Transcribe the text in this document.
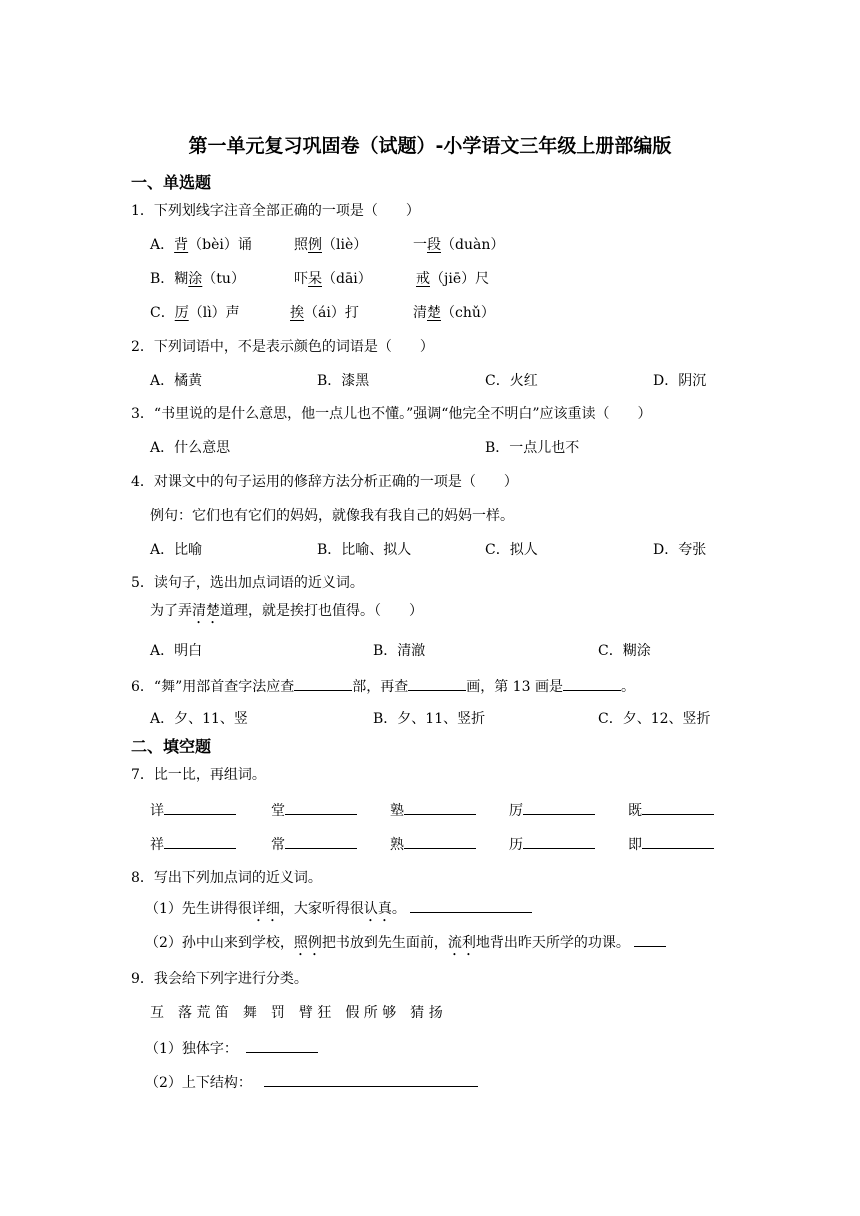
第一单元复习巩固卷（试题）-小学语文三年级上册部编版
一、单选题
1．下列划线字注音全部正确的一项是（　　）
A．背（bèi）诵	照例（liè）	一段（duàn）
B．糊涂（tu）	吓呆（dāi）	戒（jiē）尺
C．厉（lì）声	挨（ái）打	清楚（chǔ）
2．下列词语中，不是表示颜色的词语是（　　）
A．橘黄	B．漆黑	C．火红	D．阴沉
3．“书里说的是什么意思，他一点儿也不懂。”强调“他完全不明白”应该重读（　　）
A．什么意思	B．一点儿也不
4．对课文中的句子运用的修辞方法分析正确的一项是（　　）
例句：它们也有它们的妈妈，就像我有我自己的妈妈一样。
A．比喻	B．比喻、拟人	C．拟人	D．夸张
5．读句子，选出加点词语的近义词。
为了弄清楚道理，就是挨打也值得。（　　）
A．明白	B．清澈	C．糊涂
6．“舞”用部首查字法应查	部，再查	画，第 13 画是	。
A．夕、11、竖	B．夕、11、竖折	C．夕、12、竖折
二、填空题
7．比一比，再组词。
详	堂	塾	厉	既
祥	常	熟	历	即
8．写出下列加点词的近义词。
（1）先生讲得很详细，大家听得很认真。
（2）孙中山来到学校，照例把书放到先生面前，流利地背出昨天所学的功课。
9．我会给下列字进行分类。
互　落 荒 笛　舞　罚　臂 狂　假 所 够　猜 扬
（1）独体字：
（2）上下结构：
